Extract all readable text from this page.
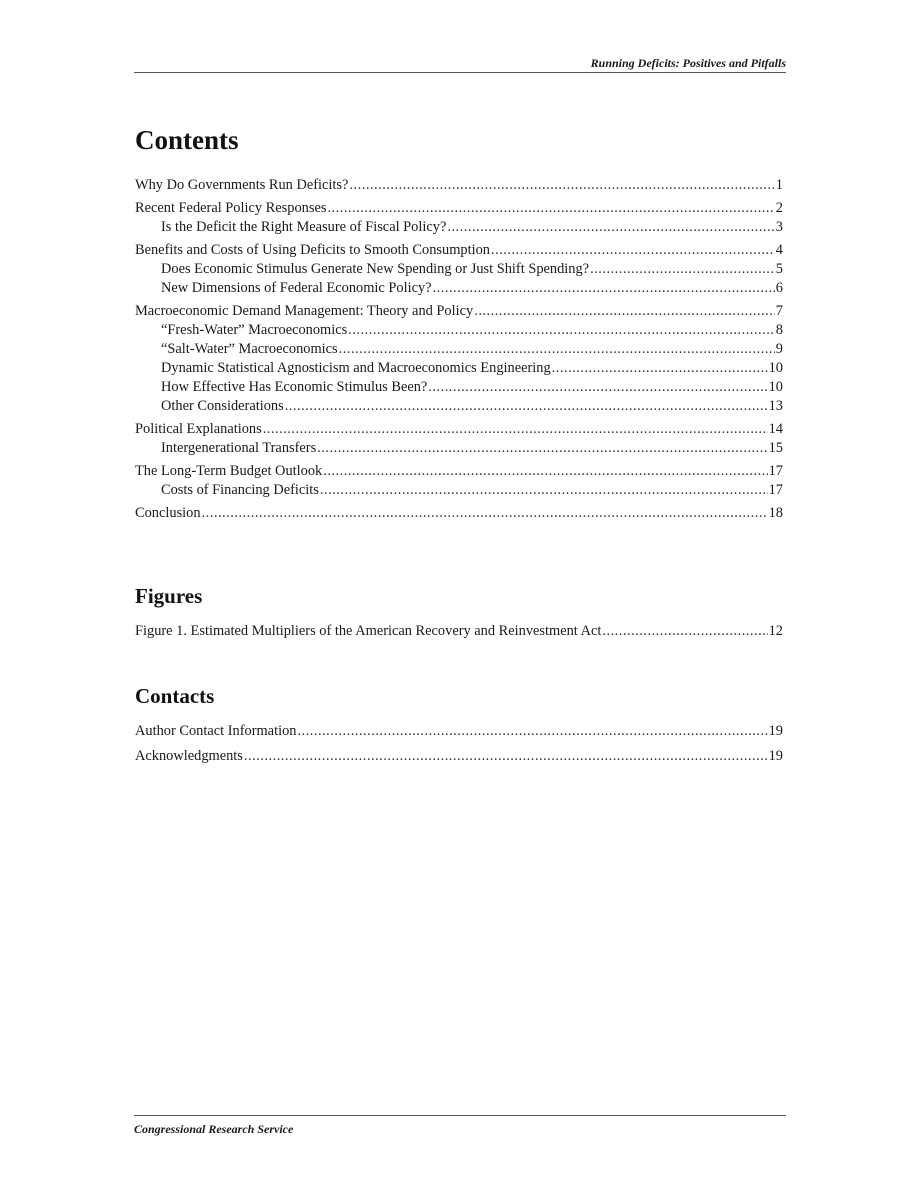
Running Deficits: Positives and Pitfalls
Contents
Why Do Governments Run Deficits? .....	1
Recent Federal Policy Responses .....	2
Is the Deficit the Right Measure of Fiscal Policy? .....	3
Benefits and Costs of Using Deficits to Smooth Consumption .....	4
Does Economic Stimulus Generate New Spending or Just Shift Spending? .....	5
New Dimensions of Federal Economic Policy? .....	6
Macroeconomic Demand Management: Theory and Policy .....	7
“Fresh-Water” Macroeconomics .....	8
“Salt-Water” Macroeconomics .....	9
Dynamic Statistical Agnosticism and Macroeconomics Engineering .....	10
How Effective Has Economic Stimulus Been? .....	10
Other Considerations .....	13
Political Explanations .....	14
Intergenerational Transfers .....	15
The Long-Term Budget Outlook .....	17
Costs of Financing Deficits .....	17
Conclusion .....	18
Figures
Figure 1. Estimated Multipliers of the American Recovery and Reinvestment Act .....	12
Contacts
Author Contact Information .....	19
Acknowledgments .....	19
Congressional Research Service
